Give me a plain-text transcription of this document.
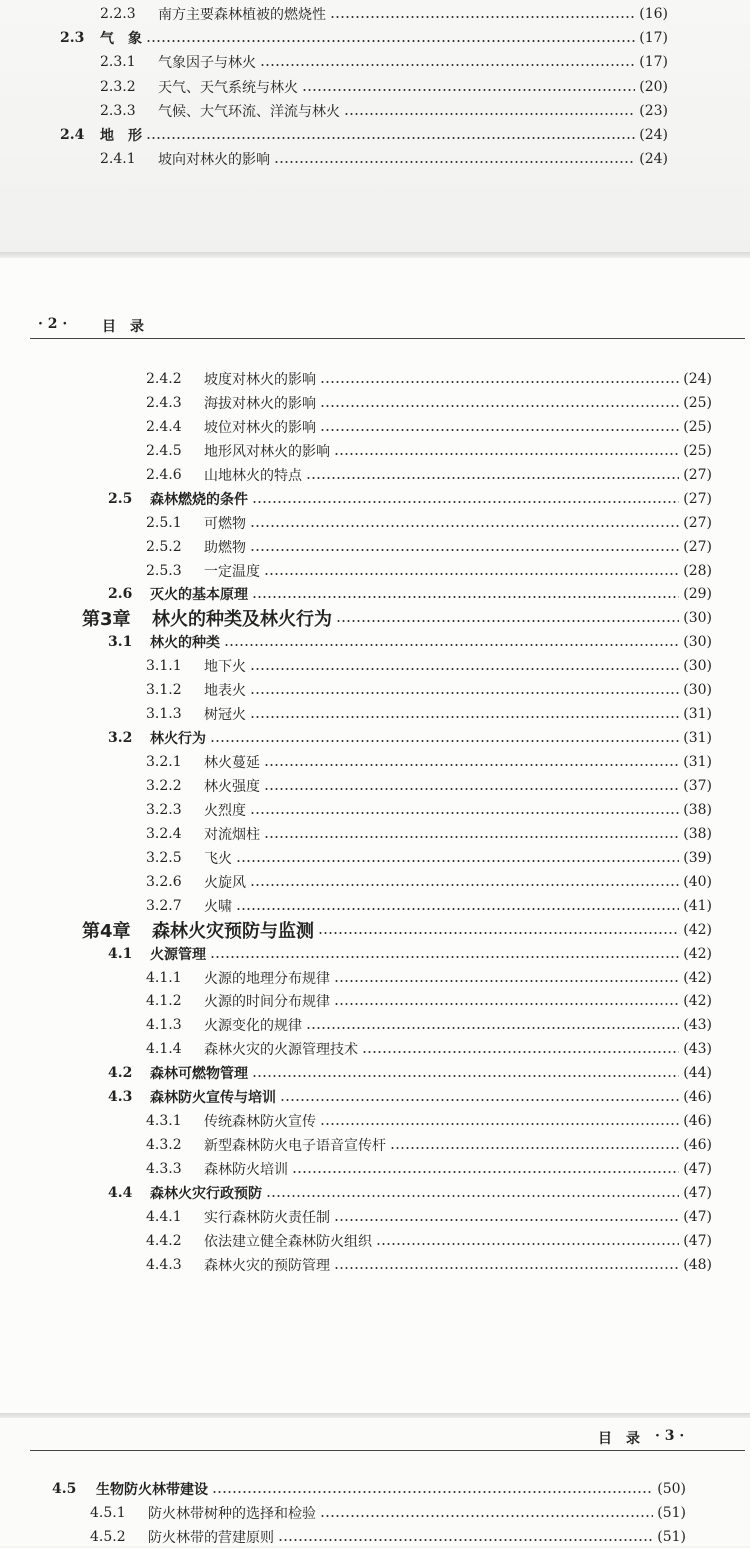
· 2 · 目　录
目　录 · 3 ·
2.2.3	南方主要森林植被的燃烧性	(16)
2.3	气　象	(17)
2.3.1	气象因子与林火	(17)
2.3.2	天气、天气系统与林火	(20)
2.3.3	气候、大气环流、洋流与林火	(23)
2.4	地　形	(24)
2.4.1	坡向对林火的影响	(24)
2.4.2	坡度对林火的影响	(24)
2.4.3	海拔对林火的影响	(25)
2.4.4	坡位对林火的影响	(25)
2.4.5	地形风对林火的影响	(25)
2.4.6	山地林火的特点	(27)
2.5	森林燃烧的条件	(27)
2.5.1	可燃物	(27)
2.5.2	助燃物	(27)
2.5.3	一定温度	(28)
2.6	灭火的基本原理	(29)
第3章	林火的种类及林火行为	(30)
3.1	林火的种类	(30)
3.1.1	地下火	(30)
3.1.2	地表火	(30)
3.1.3	树冠火	(31)
3.2	林火行为	(31)
3.2.1	林火蔓延	(31)
3.2.2	林火强度	(37)
3.2.3	火烈度	(38)
3.2.4	对流烟柱	(38)
3.2.5	飞火	(39)
3.2.6	火旋风	(40)
3.2.7	火啸	(41)
第4章	森林火灾预防与监测	(42)
4.1	火源管理	(42)
4.1.1	火源的地理分布规律	(42)
4.1.2	火源的时间分布规律	(42)
4.1.3	火源变化的规律	(43)
4.1.4	森林火灾的火源管理技术	(43)
4.2	森林可燃物管理	(44)
4.3	森林防火宣传与培训	(46)
4.3.1	传统森林防火宣传	(46)
4.3.2	新型森林防火电子语音宣传杆	(46)
4.3.3	森林防火培训	(47)
4.4	森林火灾行政预防	(47)
4.4.1	实行森林防火责任制	(47)
4.4.2	依法建立健全森林防火组织	(47)
4.4.3	森林火灾的预防管理	(48)
4.5	生物防火林带建设	(50)
4.5.1	防火林带树种的选择和检验	(51)
4.5.2	防火林带的营建原则	(51)
